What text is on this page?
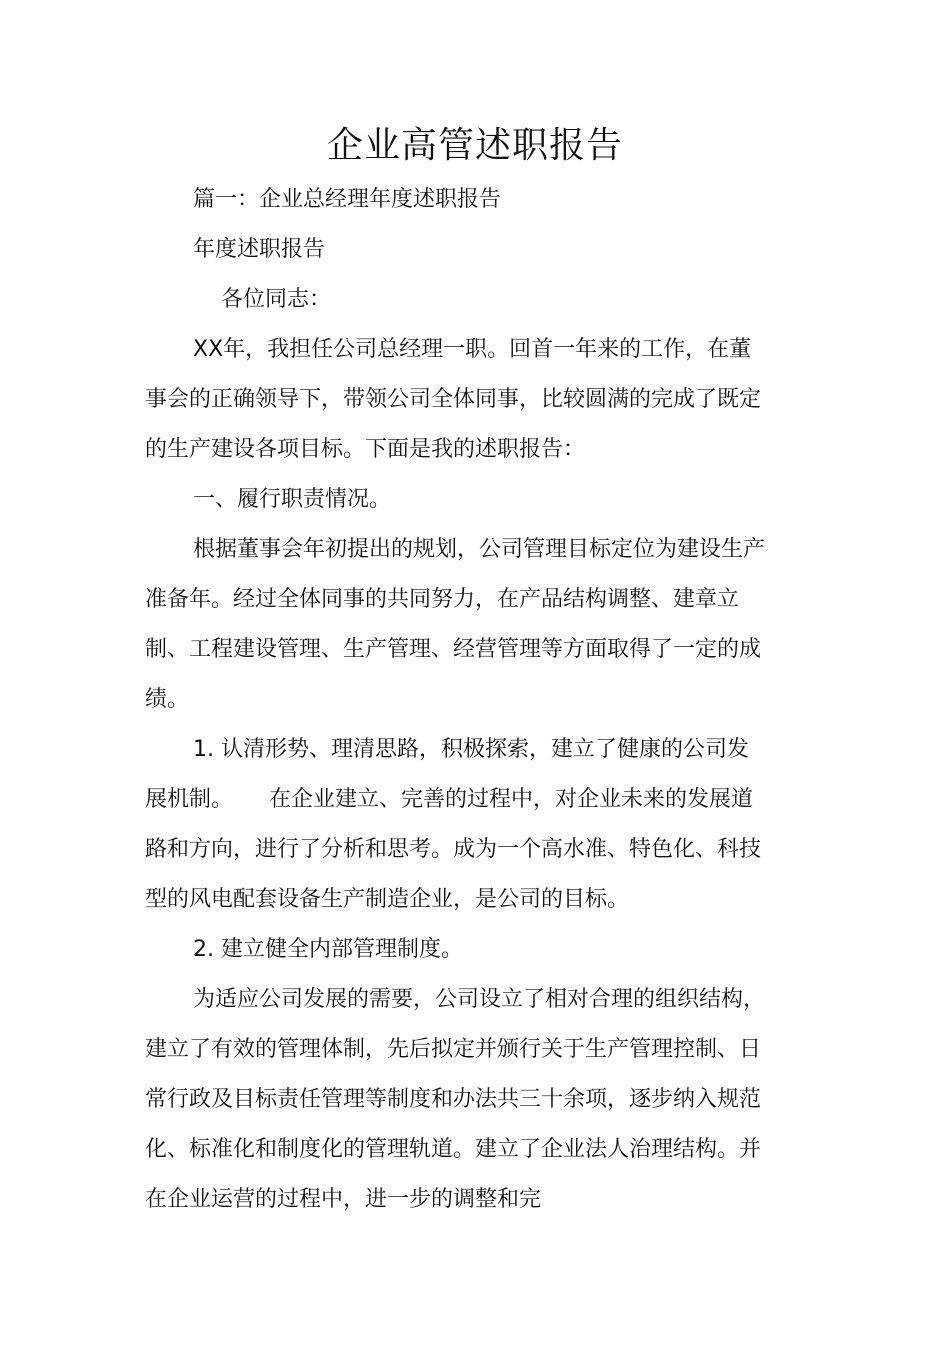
企业高管述职报告

篇一：企业总经理年度述职报告

年度述职报告

各位同志：

XX年，我担任公司总经理一职。回首一年来的工作，在董事会的正确领导下，带领公司全体同事，比较圆满的完成了既定的生产建设各项目标。下面是我的述职报告：

一、履行职责情况。

根据董事会年初提出的规划，公司管理目标定位为建设生产准备年。经过全体同事的共同努力，在产品结构调整、建章立制、工程建设管理、生产管理、经营管理等方面取得了一定的成绩。

1. 认清形势、理清思路，积极探索，建立了健康的公司发展机制。 在企业建立、完善的过程中，对企业未来的发展道路和方向，进行了分析和思考。成为一个高水准、特色化、科技型的风电配套设备生产制造企业，是公司的目标。

2. 建立健全内部管理制度。

为适应公司发展的需要，公司设立了相对合理的组织结构，建立了有效的管理体制，先后拟定并颁行关于生产管理控制、日常行政及目标责任管理等制度和办法共三十余项，逐步纳入规范化、标准化和制度化的管理轨道。建立了企业法人治理结构。并在企业运营的过程中，进一步的调整和完
